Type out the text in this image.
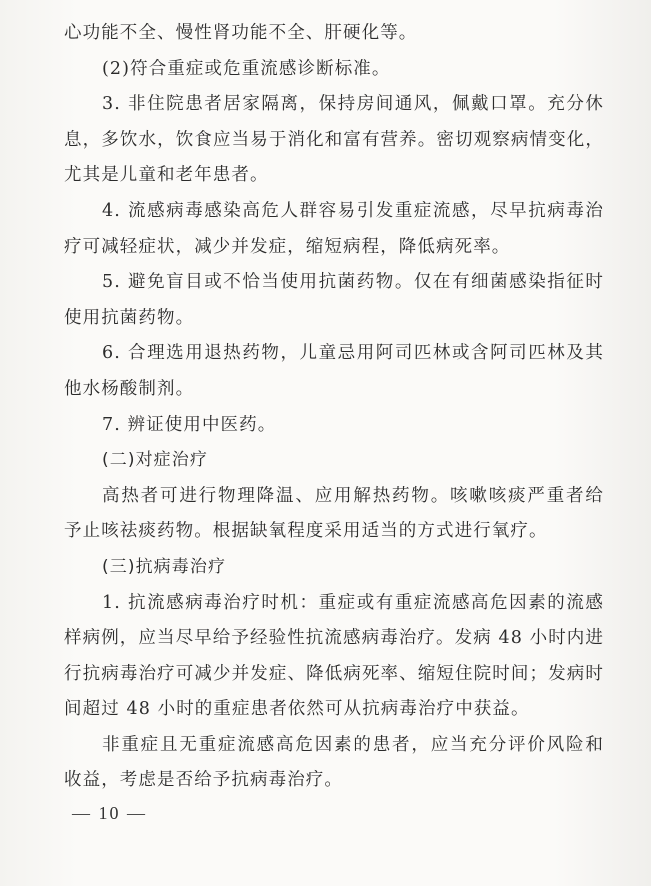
心功能不全、慢性肾功能不全、肝硬化等。

(2)符合重症或危重流感诊断标准。

3. 非住院患者居家隔离，保持房间通风，佩戴口罩。充分休息，多饮水，饮食应当易于消化和富有营养。密切观察病情变化，尤其是儿童和老年患者。

4. 流感病毒感染高危人群容易引发重症流感，尽早抗病毒治疗可减轻症状，减少并发症，缩短病程，降低病死率。

5. 避免盲目或不恰当使用抗菌药物。仅在有细菌感染指征时使用抗菌药物。

6. 合理选用退热药物，儿童忌用阿司匹林或含阿司匹林及其他水杨酸制剂。

7. 辨证使用中医药。

(二)对症治疗

高热者可进行物理降温、应用解热药物。咳嗽咳痰严重者给予止咳祛痰药物。根据缺氧程度采用适当的方式进行氧疗。

(三)抗病毒治疗

1. 抗流感病毒治疗时机：重症或有重症流感高危因素的流感样病例，应当尽早给予经验性抗流感病毒治疗。发病 48 小时内进行抗病毒治疗可减少并发症、降低病死率、缩短住院时间；发病时间超过 48 小时的重症患者依然可从抗病毒治疗中获益。

非重症且无重症流感高危因素的患者，应当充分评价风险和收益，考虑是否给予抗病毒治疗。

— 10 —
